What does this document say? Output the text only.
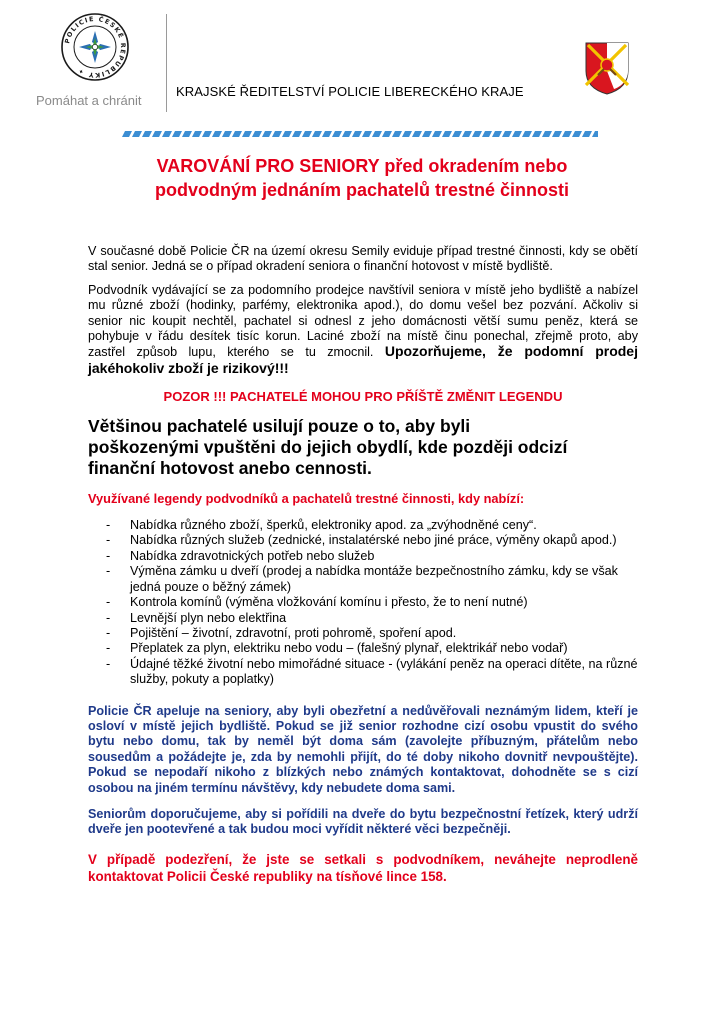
POLICIE ČESKÉ REPUBLIKY ✦
Pomáhat a chránit
KRAJSKÉ ŘEDITELSTVÍ POLICIE LIBERECKÉHO KRAJE
VAROVÁNÍ PRO SENIORY před okradením nebo
podvodným jednáním pachatelů trestné činnosti

V současné době Policie ČR na území okresu Semily eviduje případ trestné činnosti, kdy se obětí stal senior. Jedná se o případ okradení seniora o finanční hotovost v místě bydliště.

Podvodník vydávající se za podomního prodejce navštívil seniora v místě jeho bydliště a nabízel mu různé zboží (hodinky, parfémy, elektronika apod.), do domu vešel bez pozvání. Ačkoliv si senior nic koupit nechtěl, pachatel si odnesl z jeho domácnosti větší sumu peněz, která se pohybuje v řádu desítek tisíc korun. Laciné zboží na místě činu ponechal, zřejmě proto, aby zastřel způsob lupu, kterého se tu zmocnil. Upozorňujeme, že podomní prodej jakéhokoliv zboží je rizikový!!!

POZOR !!! PACHATELÉ MOHOU PRO PŘÍŠTĚ ZMĚNIT LEGENDU

Většinou pachatelé usilují pouze o to, aby byli poškozenými vpuštěni do jejich obydlí, kde později odcizí finanční hotovost anebo cennosti.

Využívané legendy podvodníků a pachatelů trestné činnosti, kdy nabízí:

- Nabídka různého zboží, šperků, elektroniky apod. za „zvýhodněné ceny“.
- Nabídka různých služeb (zednické, instalatérské nebo jiné práce, výměny okapů apod.)
- Nabídka zdravotnických potřeb nebo služeb
- Výměna zámku u dveří (prodej a nabídka montáže bezpečnostního zámku, kdy se však jedná pouze o běžný zámek)
- Kontrola komínů (výměna vložkování komínu i přesto, že to není nutné)
- Levnější plyn nebo elektřina
- Pojištění – životní, zdravotní, proti pohromě, spoření apod.
- Přeplatek za plyn, elektriku nebo vodu – (falešný plynař, elektrikář nebo vodař)
- Údajné těžké životní nebo mimořádné situace - (vylákání peněz na operaci dítěte, na různé služby, pokuty a poplatky)

Policie ČR apeluje na seniory, aby byli obezřetní a nedůvěřovali neznámým lidem, kteří je osloví v místě jejich bydliště. Pokud se již senior rozhodne cizí osobu vpustit do svého bytu nebo domu, tak by neměl být doma sám (zavolejte příbuzným, přátelům nebo sousedům a požádejte je, zda by nemohli přijít, do té doby nikoho dovnitř nevpouštějte). Pokud se nepodaří nikoho z blízkých nebo známých kontaktovat, dohodněte se s cizí osobou na jiném termínu návštěvy, kdy nebudete doma sami.

Seniorům doporučujeme, aby si pořídili na dveře do bytu bezpečnostní řetízek, který udrží dveře jen pootevřené a tak budou moci vyřídit některé věci bezpečněji.

V případě podezření, že jste se setkali s podvodníkem, neváhejte neprodleně kontaktovat Policii České republiky na tísňové lince 158.
